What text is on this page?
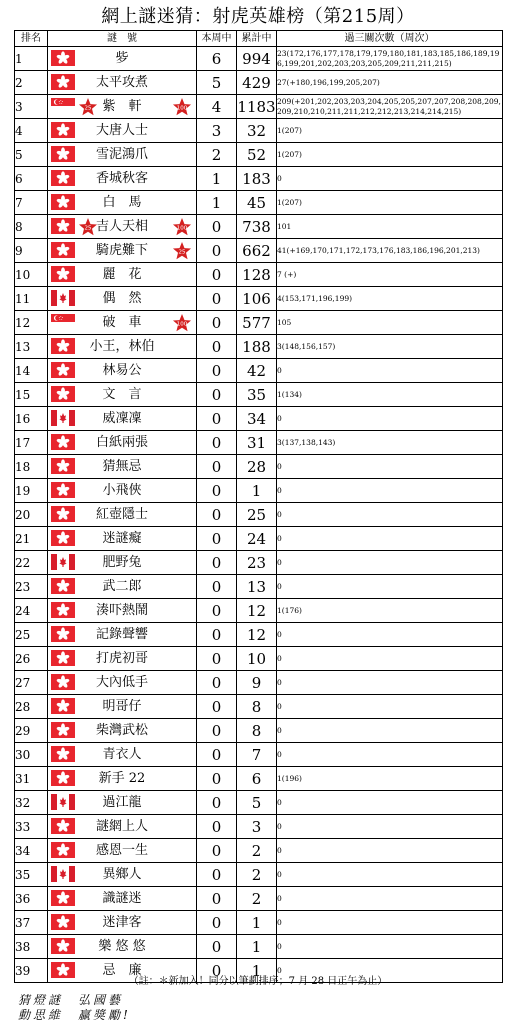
網上謎迷猜：射虎英雄榜（第215周）
排名	謎　號	本周中	累計中	過三關次數（周次）
1	㱔	6	994	23(172,176,177,178,179,179,180,181,183,185,186,189,196,199,201,202,203,203,205,209,211,211,215)
2	太平攻煮	5	429	27(+180,196,199,205,207)
3	25 紫　軒 100	4	1183	209(+201,202,203,203,204,205,205,207,207,208,208,209,209,210,210,211,211,212,212,213,214,214,215)
4	大唐人士	3	32	1(207)
5	雪泥鴻爪	2	52	1(207)
6	香城秋客	1	183	0
7	白　馬	1	45	1(207)
8	25 吉人天相 100	0	738	101
9	騎虎難下 25	0	662	41(+169,170,171,172,173,176,183,186,196,201,213)
10	麗　花	0	128	7 (+)
11	偶　然	0	106	4(153,171,196,199)
12	破　車 100	0	577	105
13	小王，林伯	0	188	3(148,156,157)
14	林易公	0	42	0
15	文　言	0	35	1(134)
16	威凜凜	0	34	0
17	白紙兩張	0	31	3(137,138,143)
18	猜無忌	0	28	0
19	小飛俠	0	1	0
20	紅壺隱士	0	25	0
21	迷謎癡	0	24	0
22	肥野兔	0	23	0
23	武二郎	0	13	0
24	湊吓熱鬧	0	12	1(176)
25	記錄聲響	0	12	0
26	打虎初哥	0	10	0
27	大內低手	0	9	0
28	明哥仔	0	8	0
29	柴灣武松	0	8	0
30	青衣人	0	7	0
31	新手 22	0	6	1(196)
32	過江龍	0	5	0
33	謎網上人	0	3	0
34	感恩一生	0	2	0
35	異鄉人	0	2	0
36	識謎迷	0	2	0
37	迷津客	0	1	0
38	樂 悠 悠	0	1	0
39	忌　廉	0	1	0
（註：＊新加入！同分以筆劃排序；7 月 28 日正午為止）
猜燈謎　弘國藝
動思維　贏獎勵!
